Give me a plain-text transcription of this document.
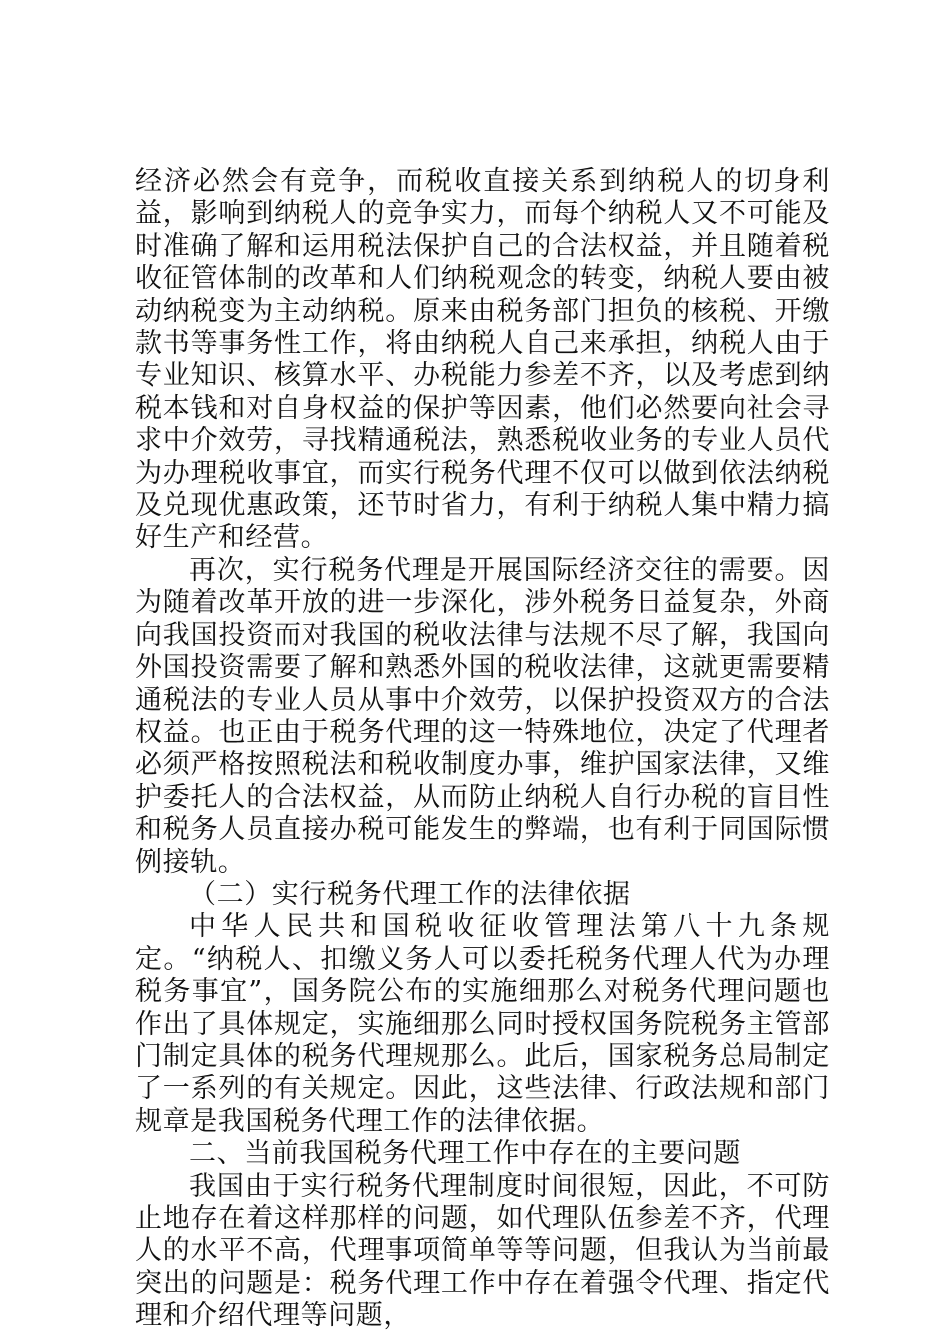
经济必然会有竞争，而税收直接关系到纳税人的切身利益，影响到纳税人的竞争实力，而每个纳税人又不可能及时准确了解和运用税法保护自己的合法权益，并且随着税收征管体制的改革和人们纳税观念的转变，纳税人要由被动纳税变为主动纳税。原来由税务部门担负的核税、开缴款书等事务性工作，将由纳税人自己来承担，纳税人由于专业知识、核算水平、办税能力参差不齐，以及考虑到纳税本钱和对自身权益的保护等因素，他们必然要向社会寻求中介效劳，寻找精通税法，熟悉税收业务的专业人员代为办理税收事宜，而实行税务代理不仅可以做到依法纳税及兑现优惠政策，还节时省力，有利于纳税人集中精力搞好生产和经营。

再次，实行税务代理是开展国际经济交往的需要。因为随着改革开放的进一步深化，涉外税务日益复杂，外商向我国投资而对我国的税收法律与法规不尽了解，我国向外国投资需要了解和熟悉外国的税收法律，这就更需要精通税法的专业人员从事中介效劳，以保护投资双方的合法权益。也正由于税务代理的这一特殊地位，决定了代理者必须严格按照税法和税收制度办事，维护国家法律，又维护委托人的合法权益，从而防止纳税人自行办税的盲目性和税务人员直接办税可能发生的弊端，也有利于同国际惯例接轨。

（二）实行税务代理工作的法律依据

中华人民共和国税收征收管理法第八十九条规定。“纳税人、扣缴义务人可以委托税务代理人代为办理税务事宜”，国务院公布的实施细那么对税务代理问题也作出了具体规定，实施细那么同时授权国务院税务主管部门制定具体的税务代理规那么。此后，国家税务总局制定了一系列的有关规定。因此，这些法律、行政法规和部门规章是我国税务代理工作的法律依据。

二、当前我国税务代理工作中存在的主要问题

我国由于实行税务代理制度时间很短，因此，不可防止地存在着这样那样的问题，如代理队伍参差不齐，代理人的水平不高，代理事项简单等等问题，但我认为当前最突出的问题是：税务代理工作中存在着强令代理、指定代理和介绍代理等问题，
